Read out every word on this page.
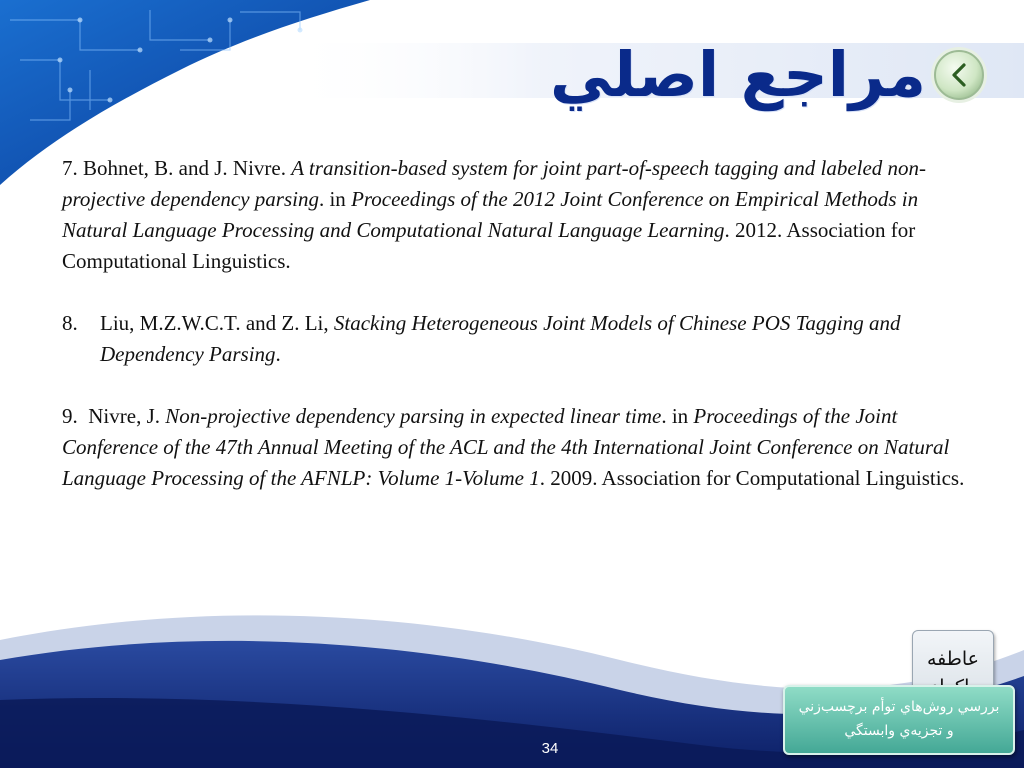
مراجع اصلي

7. Bohnet, B. and J. Nivre. A transition-based system for joint part-of-speech tagging and labeled non-projective dependency parsing. in Proceedings of the 2012 Joint Conference on Empirical Methods in Natural Language Processing and Computational Natural Language Learning. 2012. Association for Computational Linguistics.

8.	Liu, M.Z.W.C.T. and Z. Li, Stacking Heterogeneous Joint Models of Chinese POS Tagging and Dependency Parsing.

9. Nivre, J. Non-projective dependency parsing in expected linear time. in Proceedings of the Joint Conference of the 47th Annual Meeting of the ACL and the 4th International Joint Conference on Natural Language Processing of the AFNLP: Volume 1-Volume 1. 2009. Association for Computational Linguistics.

عاطفه
بررسي روش‌هاي توأم برچسب‌زني
و تجزيه‌ي وابستگي
34
